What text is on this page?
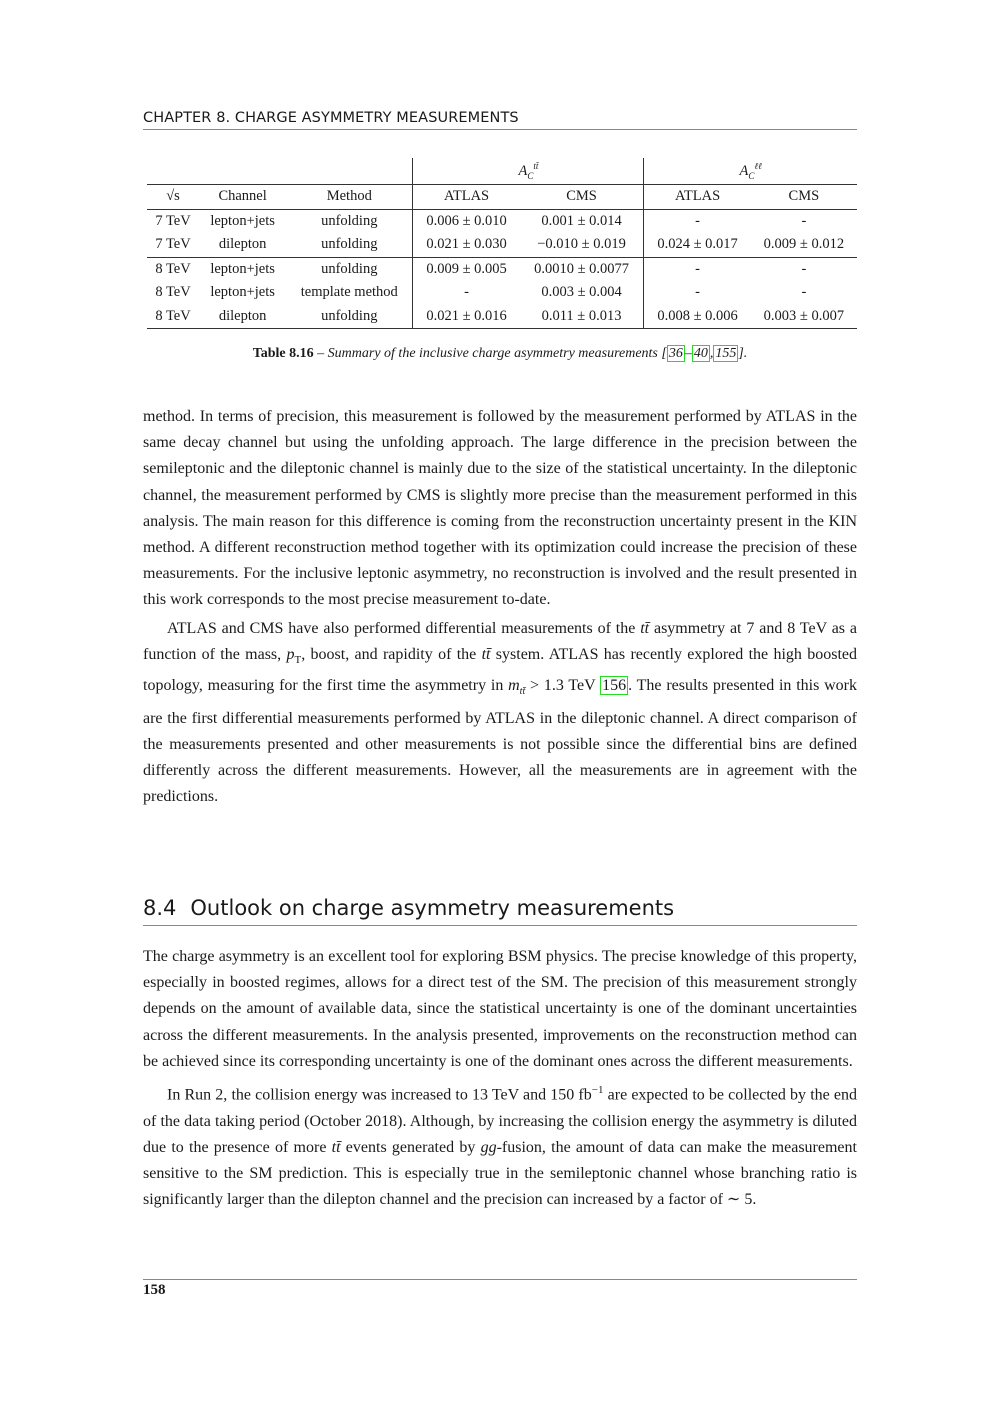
CHAPTER 8. CHARGE ASYMMETRY MEASUREMENTS
			$A_C^{tt̄}$		$A_C^{\ell\ell}$
√s	Channel	Method	ATLAS	CMS	ATLAS	CMS
7 TeV	lepton+jets	unfolding	0.006 ± 0.010	0.001 ± 0.014	-	-
7 TeV	dilepton	unfolding	0.021 ± 0.030	−0.010 ± 0.019	0.024 ± 0.017	0.009 ± 0.012
8 TeV	lepton+jets	unfolding	0.009 ± 0.005	0.0010 ± 0.0077	-	-
8 TeV	lepton+jets	template method	-	0.003 ± 0.004	-	-
8 TeV	dilepton	unfolding	0.021 ± 0.016	0.011 ± 0.013	0.008 ± 0.006	0.003 ± 0.007
Table 8.16 – Summary of the inclusive charge asymmetry measurements [ 36 – 40 , 155 ].

method. In terms of precision, this measurement is followed by the measurement performed by ATLAS in the same decay channel but using the unfolding approach. The large difference in the precision between the semileptonic and the dileptonic channel is mainly due to the size of the statistical uncertainty. In the dileptonic channel, the measurement performed by CMS is slightly more precise than the measurement performed in this analysis. The main reason for this difference is coming from the reconstruction uncertainty present in the KIN method. A different reconstruction method together with its optimization could increase the precision of these measurements. For the inclusive leptonic asymmetry, no reconstruction is involved and the result presented in this work corresponds to the most precise measurement to-date.

ATLAS and CMS have also performed differential measurements of the tt̄ asymmetry at 7 and 8 TeV as a function of the mass, $p_T$, boost, and rapidity of the tt̄ system. ATLAS has recently explored the high boosted topology, measuring for the first time the asymmetry in $m_{tt̄} > 1.3$ TeV 156 . The results presented in this work are the first differential measurements performed by ATLAS in the dileptonic channel. A direct comparison of the measurements presented and other measurements is not possible since the differential bins are defined differently across the different measurements. However, all the measurements are in agreement with the predictions.

8.4 Outlook on charge asymmetry measurements

The charge asymmetry is an excellent tool for exploring BSM physics. The precise knowledge of this property, especially in boosted regimes, allows for a direct test of the SM. The precision of this measurement strongly depends on the amount of available data, since the statistical uncertainty is one of the dominant uncertainties across the different measurements. In the analysis presented, improvements on the reconstruction method can be achieved since its corresponding uncertainty is one of the dominant ones across the different measurements.

In Run 2, the collision energy was increased to 13 TeV and 150 $fb^{-1}$ are expected to be collected by the end of the data taking period (October 2018). Although, by increasing the collision energy the asymmetry is diluted due to the presence of more tt̄ events generated by gg-fusion, the amount of data can make the measurement sensitive to the SM prediction. This is especially true in the semileptonic channel whose branching ratio is significantly larger than the dilepton channel and the precision can increased by a factor of ∼ 5.

158
